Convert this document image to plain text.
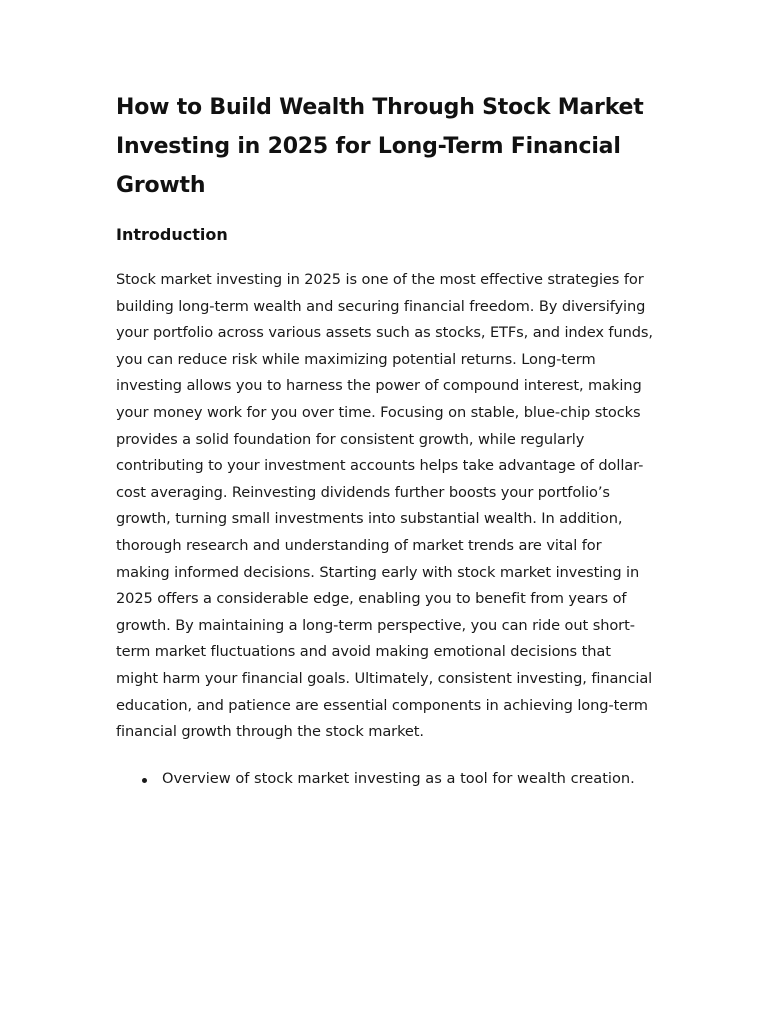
How to Build Wealth Through Stock Market Investing in 2025 for Long-Term Financial Growth
Introduction

Stock market investing in 2025 is one of the most effective strategies for building long-term wealth and securing financial freedom. By diversifying your portfolio across various assets such as stocks, ETFs, and index funds, you can reduce risk while maximizing potential returns. Long-term investing allows you to harness the power of compound interest, making your money work for you over time. Focusing on stable, blue-chip stocks provides a solid foundation for consistent growth, while regularly contributing to your investment accounts helps take advantage of dollar-cost averaging. Reinvesting dividends further boosts your portfolio’s growth, turning small investments into substantial wealth. In addition, thorough research and understanding of market trends are vital for making informed decisions. Starting early with stock market investing in 2025 offers a considerable edge, enabling you to benefit from years of growth. By maintaining a long-term perspective, you can ride out short-term market fluctuations and avoid making emotional decisions that might harm your financial goals. Ultimately, consistent investing, financial education, and patience are essential components in achieving long-term financial growth through the stock market.

Overview of stock market investing as a tool for wealth creation.
